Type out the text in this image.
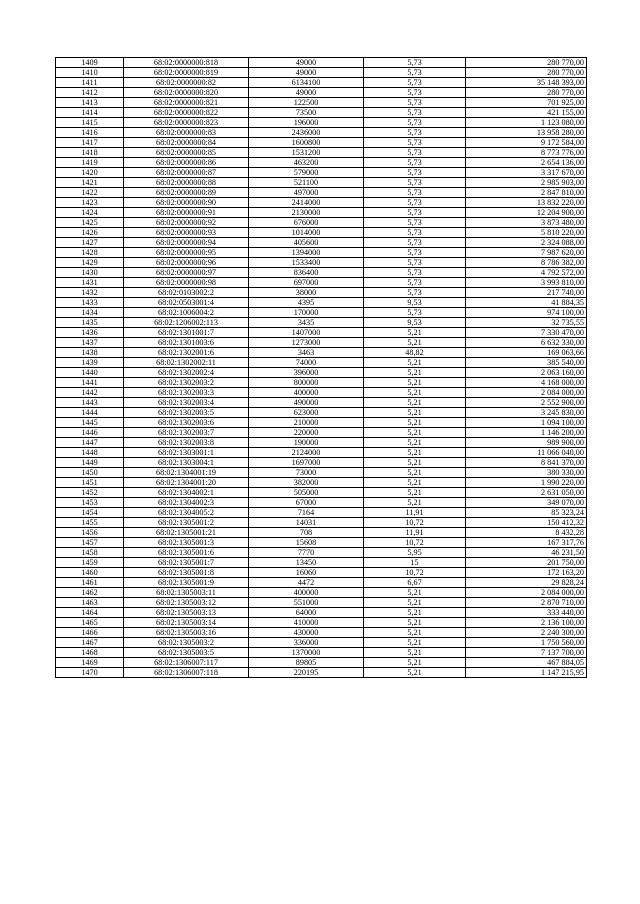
1409	68:02:0000000:818	49000	5,73	280 770,00
1410	68:02:0000000:819	49000	5,73	280 770,00
1411	68:02:0000000:82	6134100	5,73	35 148 393,00
1412	68:02:0000000:820	49000	5,73	280 770,00
1413	68:02:0000000:821	122500	5,73	701 925,00
1414	68:02:0000000:822	73500	5,73	421 155,00
1415	68:02:0000000:823	196000	5,73	1 123 080,00
1416	68:02:0000000:83	2436000	5,73	13 958 280,00
1417	68:02:0000000:84	1600800	5,73	9 172 584,00
1418	68:02:0000000:85	1531200	5,73	8 773 776,00
1419	68:02:0000000:86	463200	5,73	2 654 136,00
1420	68:02:0000000:87	579000	5,73	3 317 670,00
1421	68:02:0000000:88	521100	5,73	2 985 903,00
1422	68:02:0000000:89	497000	5,73	2 847 810,00
1423	68:02:0000000:90	2414000	5,73	13 832 220,00
1424	68:02:0000000:91	2130000	5,73	12 204 900,00
1425	68:02:0000000:92	676000	5,73	3 873 480,00
1426	68:02:0000000:93	1014000	5,73	5 810 220,00
1427	68:02:0000000:94	405600	5,73	2 324 088,00
1428	68:02:0000000:95	1394000	5,73	7 987 620,00
1429	68:02:0000000:96	1533400	5,73	8 786 382,00
1430	68:02:0000000:97	836400	5,73	4 792 572,00
1431	68:02:0000000:98	697000	5,73	3 993 810,00
1432	68:02:0103002:2	38000	5,73	217 740,00
1433	68:02:0503001:4	4395	9,53	41 884,35
1434	68:02:1006004:2	170000	5,73	974 100,00
1435	68:02:1206002:113	3435	9,53	32 735,55
1436	68:02:1301001:7	1407000	5,21	7 330 470,00
1437	68:02:1301003:6	1273000	5,21	6 632 330,00
1438	68:02:1302001:6	3463	48,82	169 063,66
1439	68:02:1302002:11	74000	5,21	385 540,00
1440	68:02:1302002:4	396000	5,21	2 063 160,00
1441	68:02:1302003:2	800000	5,21	4 168 000,00
1442	68:02:1302003:3	400000	5,21	2 084 000,00
1443	68:02:1302003:4	490000	5,21	2 552 900,00
1444	68:02:1302003:5	623000	5,21	3 245 830,00
1445	68:02:1302003:6	210000	5,21	1 094 100,00
1446	68:02:1302003:7	220000	5,21	1 146 200,00
1447	68:02:1302003:8	190000	5,21	989 900,00
1448	68:02:1303001:1	2124000	5,21	11 066 040,00
1449	68:02:1303004:1	1697000	5,21	8 841 370,00
1450	68:02:1304001:19	73000	5,21	380 330,00
1451	68:02:1304001:20	382000	5,21	1 990 220,00
1452	68:02:1304002:1	505000	5,21	2 631 050,00
1453	68:02:1304002:3	67000	5,21	349 070,00
1454	68:02:1304005:2	7164	11,91	85 323,24
1455	68:02:1305001:2	14031	10,72	150 412,32
1456	68:02:1305001:21	708	11,91	8 432,28
1457	68:02:1305001:3	15608	10,72	167 317,76
1458	68:02:1305001:6	7770	5,95	46 231,50
1459	68:02:1305001:7	13450	15	201 750,00
1460	68:02:1305001:8	16060	10,72	172 163,20
1461	68:02:1305001:9	4472	6,67	29 828,24
1462	68:02:1305003:11	400000	5,21	2 084 000,00
1463	68:02:1305003:12	551000	5,21	2 870 710,00
1464	68:02:1305003:13	64000	5,21	333 440,00
1465	68:02:1305003:14	410000	5,21	2 136 100,00
1466	68:02:1305003:16	430000	5,21	2 240 300,00
1467	68:02:1305003:2	336000	5,21	1 750 560,00
1468	68:02:1305003:5	1370000	5,21	7 137 700,00
1469	68:02:1306007:117	89805	5,21	467 884,05
1470	68:02:1306007:118	220195	5,21	1 147 215,95
